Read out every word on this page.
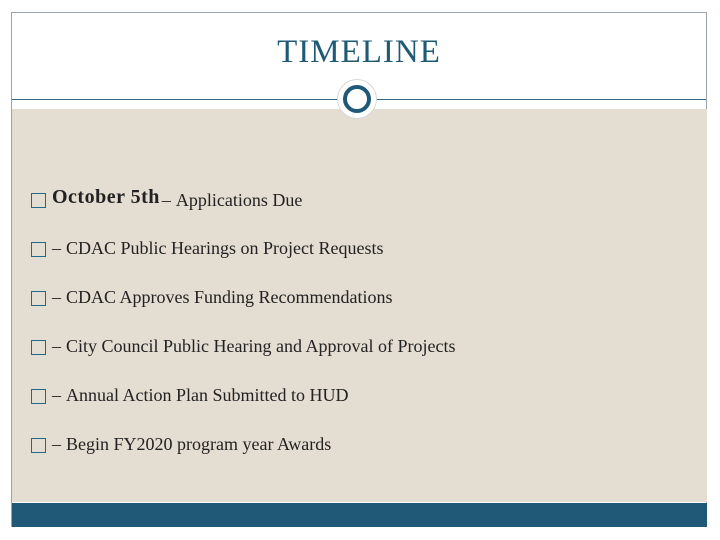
TIMELINE
October 5th – Applications Due
– CDAC Public Hearings on Project Requests
– CDAC Approves Funding Recommendations
– City Council Public Hearing and Approval of Projects
– Annual Action Plan Submitted to HUD
– Begin FY2020 program year Awards
